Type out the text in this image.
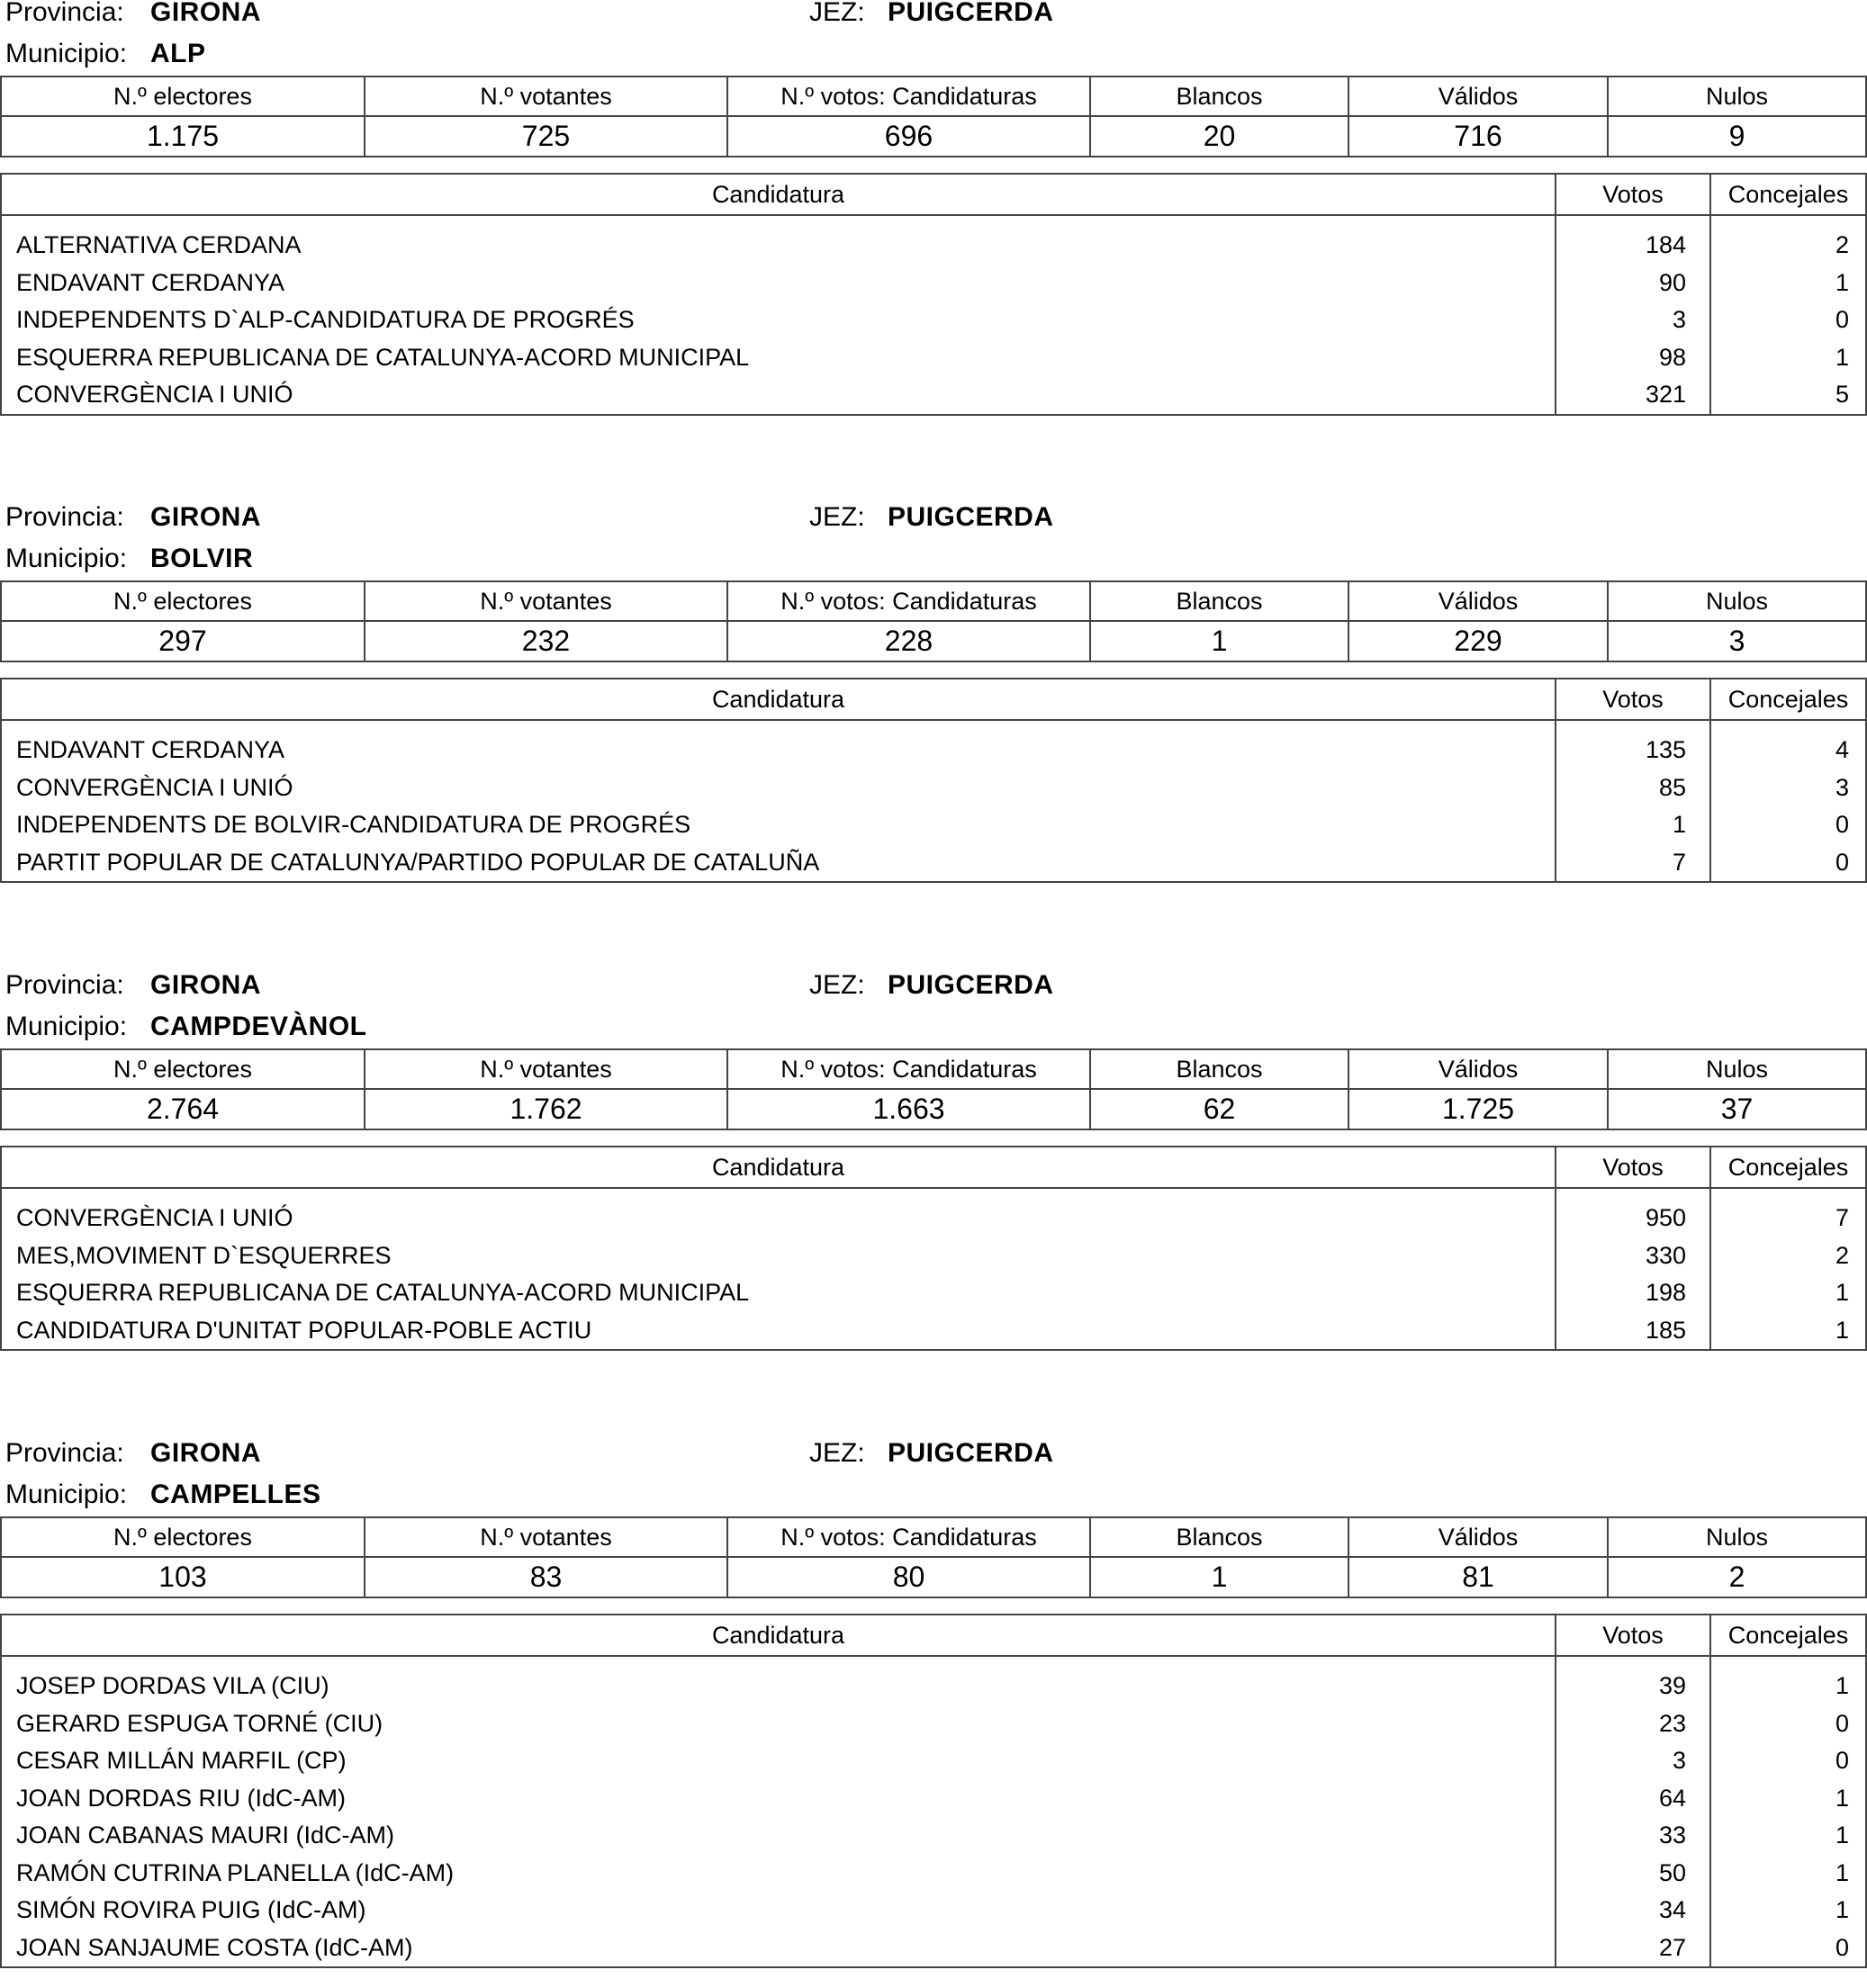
Provincia: GIRONA	JEZ: PUIGCERDA
Municipio: ALP
N.º electores	N.º votantes	N.º votos: Candidaturas	Blancos	Válidos	Nulos
1.175	725	696	20	716	9
Candidatura	Votos	Concejales

ALTERNATIVA CERDANA	184	2
ENDAVANT CERDANYA	90	1
INDEPENDENTS D`ALP-CANDIDATURA DE PROGRÉS	3	0
ESQUERRA REPUBLICANA DE CATALUNYA-ACORD MUNICIPAL	98	1
CONVERGÈNCIA I UNIÓ	321	5
Provincia: GIRONA	JEZ: PUIGCERDA
Municipio: BOLVIR
N.º electores	N.º votantes	N.º votos: Candidaturas	Blancos	Válidos	Nulos
297	232	228	1	229	3
Candidatura	Votos	Concejales

ENDAVANT CERDANYA	135	4
CONVERGÈNCIA I UNIÓ	85	3
INDEPENDENTS DE BOLVIR-CANDIDATURA DE PROGRÉS	1	0
PARTIT POPULAR DE CATALUNYA/PARTIDO POPULAR DE CATALUÑA	7	0
Provincia: GIRONA	JEZ: PUIGCERDA
Municipio: CAMPDEVÀNOL
N.º electores	N.º votantes	N.º votos: Candidaturas	Blancos	Válidos	Nulos
2.764	1.762	1.663	62	1.725	37
Candidatura	Votos	Concejales

CONVERGÈNCIA I UNIÓ	950	7
MES,MOVIMENT D`ESQUERRES	330	2
ESQUERRA REPUBLICANA DE CATALUNYA-ACORD MUNICIPAL	198	1
CANDIDATURA D'UNITAT POPULAR-POBLE ACTIU	185	1
Provincia: GIRONA	JEZ: PUIGCERDA
Municipio: CAMPELLES
N.º electores	N.º votantes	N.º votos: Candidaturas	Blancos	Válidos	Nulos
103	83	80	1	81	2
Candidatura	Votos	Concejales

JOSEP DORDAS VILA (CIU)	39	1
GERARD ESPUGA TORNÉ (CIU)	23	0
CESAR MILLÁN MARFIL (CP)	3	0
JOAN DORDAS RIU (IdC-AM)	64	1
JOAN CABANAS MAURI (IdC-AM)	33	1
RAMÓN CUTRINA PLANELLA (IdC-AM)	50	1
SIMÓN ROVIRA PUIG (IdC-AM)	34	1
JOAN SANJAUME COSTA (IdC-AM)	27	0
